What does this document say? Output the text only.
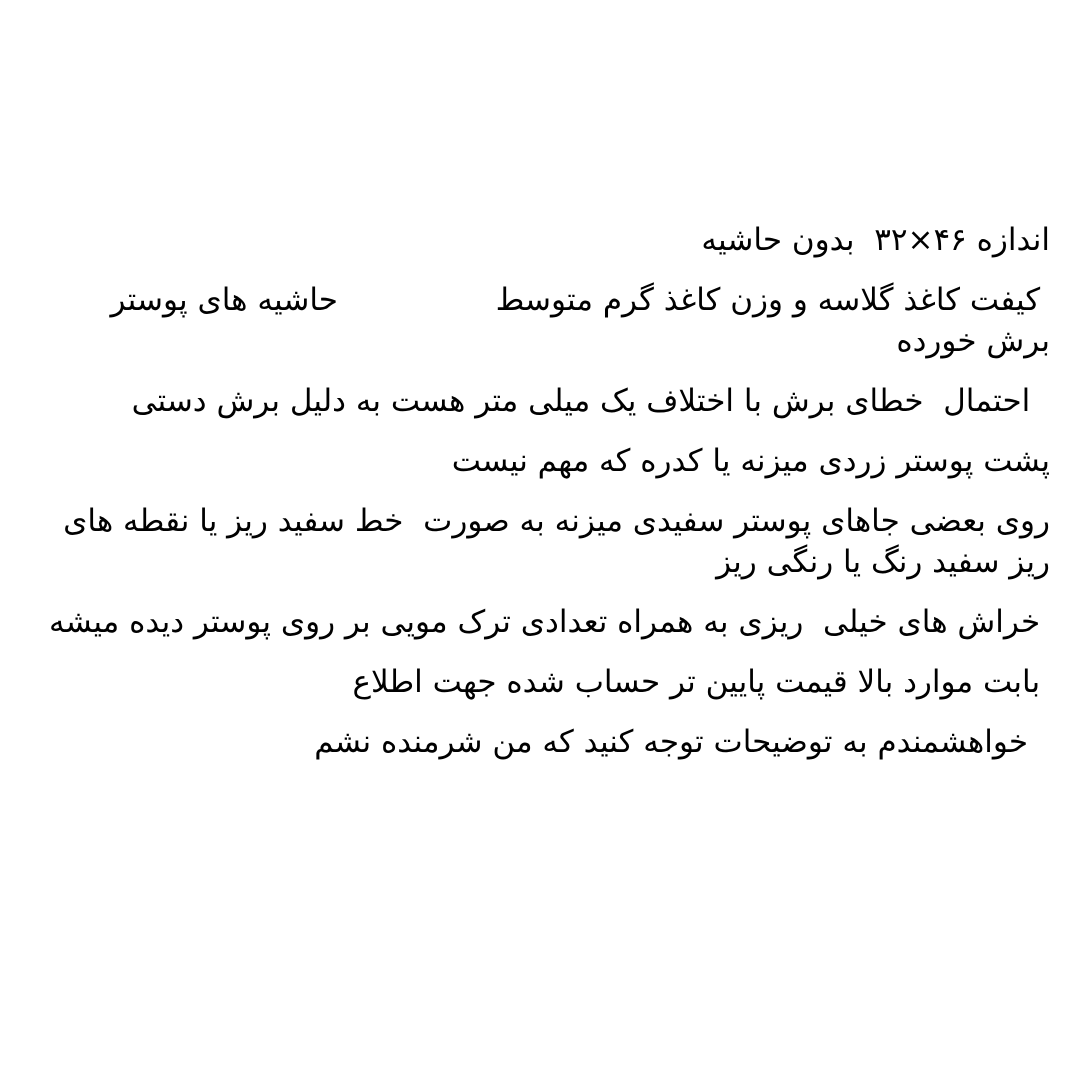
اندازه ۴۶×۳۲  بدون حاشیه

کیفت کاغذ گلاسه و وزن کاغذ گرم متوسط                حاشیه های پوستر برش خورده

احتمال  خطای برش با اختلاف یک میلی متر هست به دلیل برش دستی

پشت پوستر زردی میزنه یا کدره که مهم نیست

روی بعضی جاهای پوستر سفیدی میزنه به صورت  خط سفید ریز یا نقطه های ریز سفید رنگ یا رنگی ریز

خراش های خیلی  ریزی به همراه تعدادی ترک مویی بر روی پوستر دیده میشه

بابت موارد بالا قیمت پایین تر حساب شده جهت اطلاع

خواهشمندم به توضیحات توجه کنید که من شرمنده نشم
